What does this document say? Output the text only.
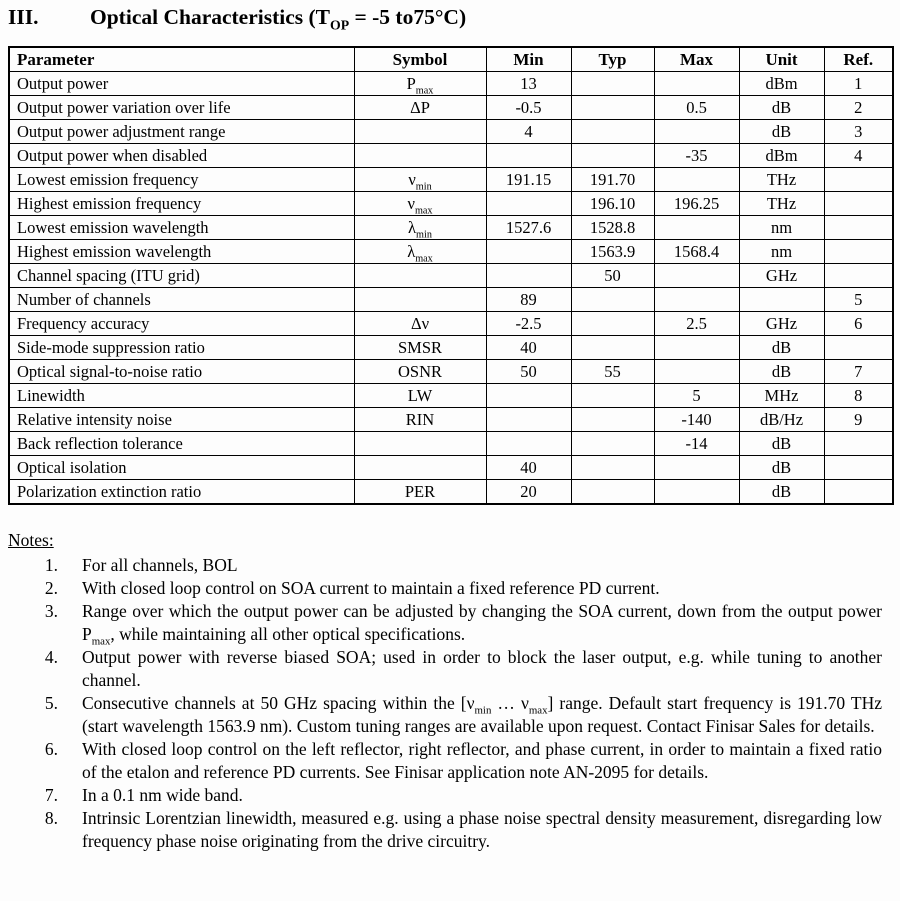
III. Optical Characteristics ($T_{OP} = -5$ to75°C)
Parameter	Symbol	Min	Typ	Max	Unit	Ref.
Output power	$P_{max}$	13			dBm	1
Output power variation over life	ΔP	-0.5		0.5	dB	2
Output power adjustment range		4			dB	3
Output power when disabled				-35	dBm	4
Lowest emission frequency	$\nu_{min}$	191.15	191.70		THz	
Highest emission frequency	$\nu_{max}$		196.10	196.25	THz	
Lowest emission wavelength	$\lambda_{min}$	1527.6	1528.8		nm	
Highest emission wavelength	$\lambda_{max}$		1563.9	1568.4	nm	
Channel spacing (ITU grid)			50		GHz	
Number of channels		89				5
Frequency accuracy	Δν	-2.5		2.5	GHz	6
Side-mode suppression ratio	SMSR	40			dB	
Optical signal-to-noise ratio	OSNR	50	55		dB	7
Linewidth	LW			5	MHz	8
Relative intensity noise	RIN			-140	dB/Hz	9
Back reflection tolerance				-14	dB	
Optical isolation		40			dB	
Polarization extinction ratio	PER	20			dB	
Notes:
1. For all channels, BOL
2. With closed loop control on SOA current to maintain a fixed reference PD current.
3. Range over which the output power can be adjusted by changing the SOA current, down from the output power $P_{max}$, while maintaining all other optical specifications.
4. Output power with reverse biased SOA; used in order to block the laser output, e.g. while tuning to another channel.
5. Consecutive channels at 50 GHz spacing within the [$\nu_{min}$ … $\nu_{max}$] range. Default start frequency is 191.70 THz (start wavelength 1563.9 nm). Custom tuning ranges are available upon request. Contact Finisar Sales for details.
6. With closed loop control on the left reflector, right reflector, and phase current, in order to maintain a fixed ratio of the etalon and reference PD currents. See Finisar application note AN-2095 for details.
7. In a 0.1 nm wide band.
8. Intrinsic Lorentzian linewidth, measured e.g. using a phase noise spectral density measurement, disregarding low frequency phase noise originating from the drive circuitry.
